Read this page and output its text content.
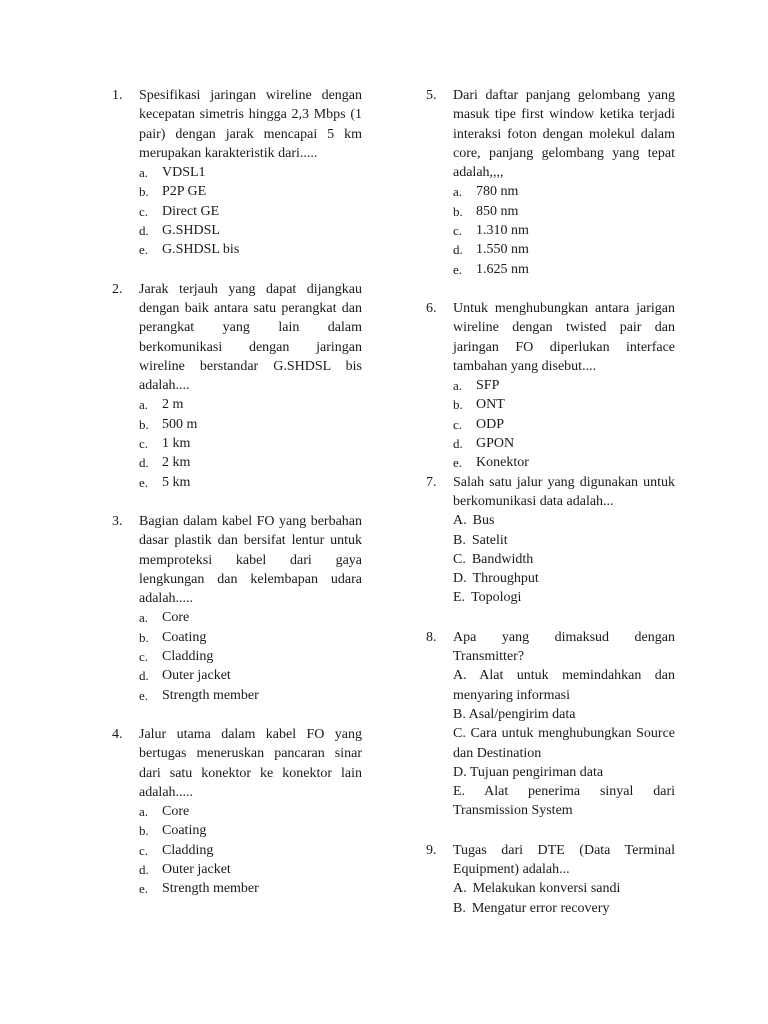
1. Spesifikasi jaringan wireline dengan kecepatan simetris hingga 2,3 Mbps (1 pair) dengan jarak mencapai 5 km merupakan karakteristik dari.....
a. VDSL1
b. P2P GE
c. Direct GE
d. G.SHDSL
e. G.SHDSL bis
2. Jarak terjauh yang dapat dijangkau dengan baik antara satu perangkat dan perangkat yang lain dalam berkomunikasi dengan jaringan wireline berstandar G.SHDSL bis adalah....
a. 2 m
b. 500 m
c. 1 km
d. 2 km
e. 5 km
3. Bagian dalam kabel FO yang berbahan dasar plastik dan bersifat lentur untuk memproteksi kabel dari gaya lengkungan dan kelembapan udara adalah.....
a. Core
b. Coating
c. Cladding
d. Outer jacket
e. Strength member
4. Jalur utama dalam kabel FO yang bertugas meneruskan pancaran sinar dari satu konektor ke konektor lain adalah.....
a. Core
b. Coating
c. Cladding
d. Outer jacket
e. Strength member
5. Dari daftar panjang gelombang yang masuk tipe first window ketika terjadi interaksi foton dengan molekul dalam core, panjang gelombang yang tepat adalah,,,,
a. 780 nm
b. 850 nm
c. 1.310 nm
d. 1.550 nm
e. 1.625 nm
6. Untuk menghubungkan antara jarigan wireline dengan twisted pair dan jaringan FO diperlukan interface tambahan yang disebut....
a. SFP
b. ONT
c. ODP
d. GPON
e. Konektor
7. Salah satu jalur yang digunakan untuk berkomunikasi data adalah...
A. Bus
B. Satelit
C. Bandwidth
D. Throughput
E. Topologi
8. Apa yang dimaksud dengan Transmitter?
A. Alat untuk memindahkan dan menyaring informasi
B. Asal/pengirim data
C. Cara untuk menghubungkan Source dan Destination
D. Tujuan pengiriman data
E. Alat penerima sinyal dari Transmission System
9. Tugas dari DTE (Data Terminal Equipment) adalah...
A. Melakukan konversi sandi
B. Mengatur error recovery
